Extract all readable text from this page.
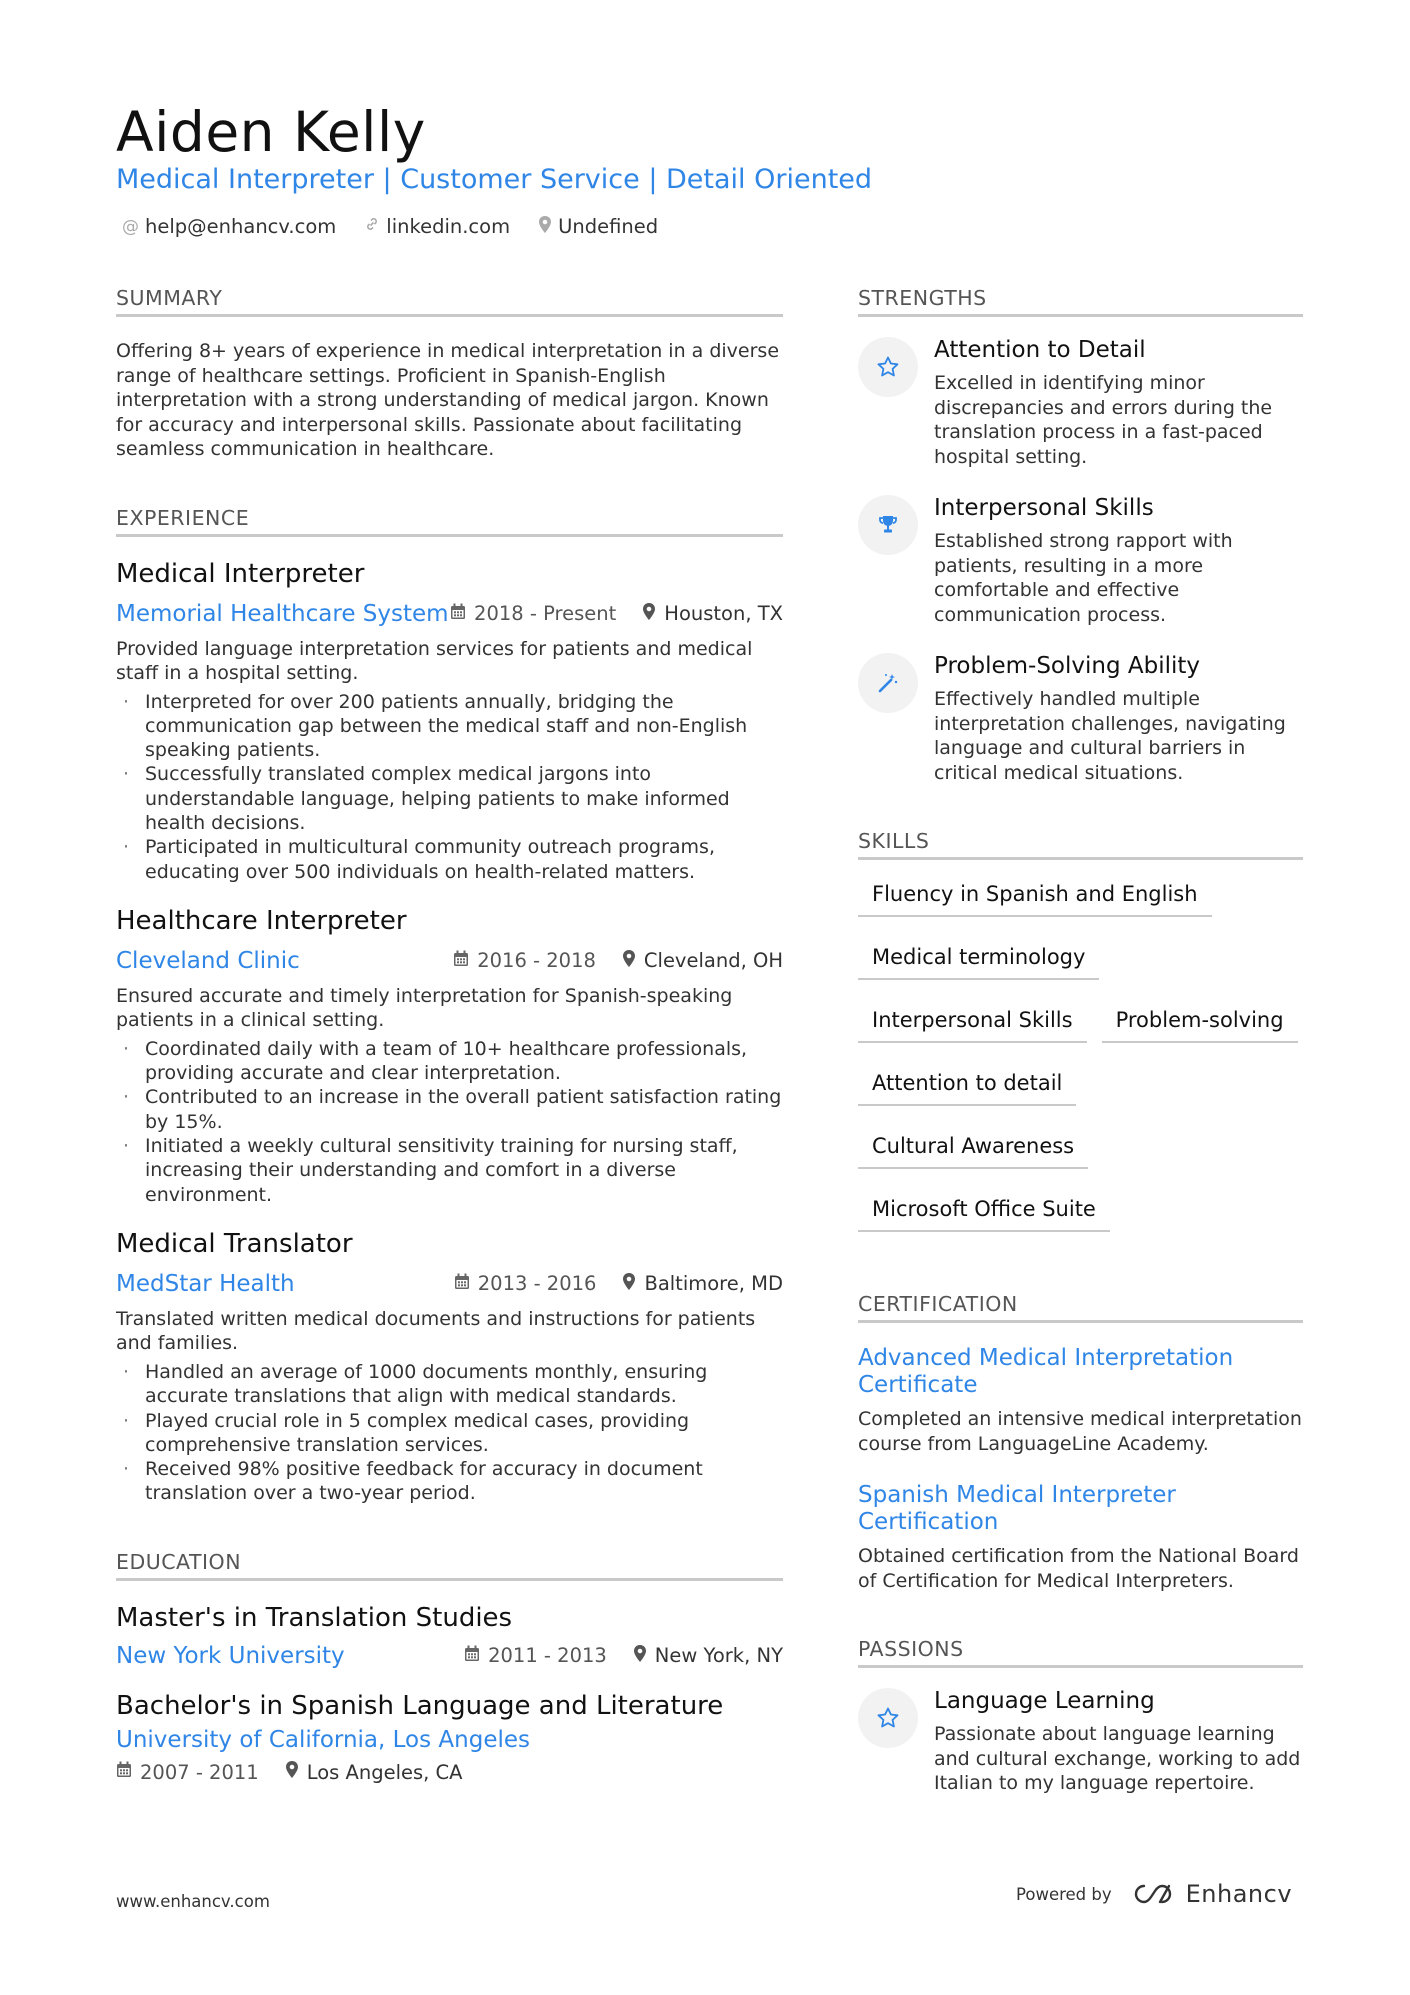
Aiden Kelly
Medical Interpreter | Customer Service | Detail Oriented
@ help@enhancv.com	linkedin.com Undefined
SUMMARY
Offering 8+ years of experience in medical interpretation in a diverse range of healthcare settings. Proficient in Spanish-English interpretation with a strong understanding of medical jargon. Known for accuracy and interpersonal skills. Passionate about facilitating seamless communication in healthcare.
EXPERIENCE
Medical Interpreter
Memorial Healthcare System 2018 - Present Houston, TX
Provided language interpretation services for patients and medical staff in a hospital setting.
· Interpreted for over 200 patients annually, bridging the communication gap between the medical staff and non-English speaking patients.
· Successfully translated complex medical jargons into understandable language, helping patients to make informed health decisions.
· Participated in multicultural community outreach programs, educating over 500 individuals on health-related matters.
Healthcare Interpreter
Cleveland Clinic	2016 - 2018 Cleveland, OH
Ensured accurate and timely interpretation for Spanish-speaking patients in a clinical setting.
· Coordinated daily with a team of 10+ healthcare professionals, providing accurate and clear interpretation.
· Contributed to an increase in the overall patient satisfaction rating by 15%.
· Initiated a weekly cultural sensitivity training for nursing staff, increasing their understanding and comfort in a diverse environment.
Medical Translator
MedStar Health	2013 - 2016 Baltimore, MD
Translated written medical documents and instructions for patients and families.
· Handled an average of 1000 documents monthly, ensuring accurate translations that align with medical standards.
· Played crucial role in 5 complex medical cases, providing comprehensive translation services.
· Received 98% positive feedback for accuracy in document translation over a two-year period.
EDUCATION
Master's in Translation Studies
New York University	2011 - 2013 New York, NY
Bachelor's in Spanish Language and Literature
University of California, Los Angeles
2007 - 2011 Los Angeles, CA
STRENGTHS
Attention to Detail
Excelled in identifying minor discrepancies and errors during the translation process in a fast-paced hospital setting.
Interpersonal Skills
Established strong rapport with patients, resulting in a more comfortable and effective communication process.
Problem-Solving Ability
Effectively handled multiple interpretation challenges, navigating language and cultural barriers in critical medical situations.
SKILLS
Fluency in Spanish and English
Medical terminology
Interpersonal Skills	Problem-solving
Attention to detail
Cultural Awareness
Microsoft Office Suite
CERTIFICATION
Advanced Medical Interpretation Certificate
Completed an intensive medical interpretation course from LanguageLine Academy.
Spanish Medical Interpreter Certification
Obtained certification from the National Board of Certification for Medical Interpreters.
PASSIONS
Language Learning
Passionate about language learning and cultural exchange, working to add Italian to my language repertoire.
www.enhancv.com	Powered by	Enhancv
